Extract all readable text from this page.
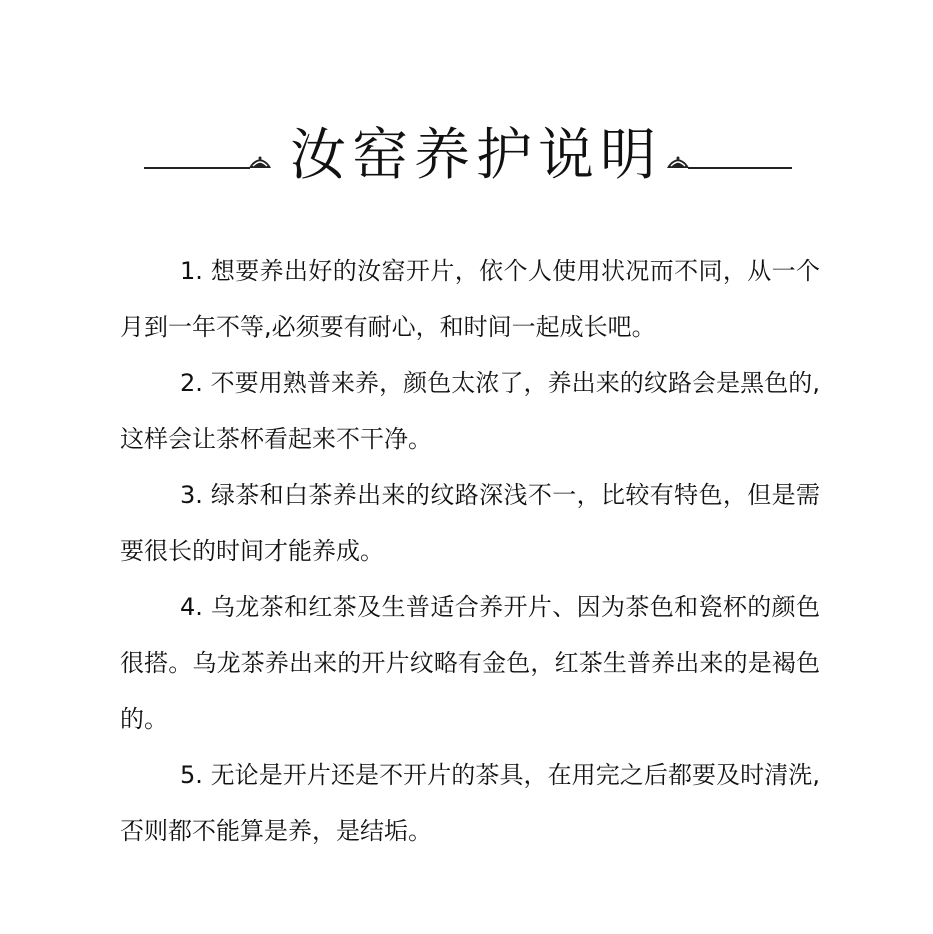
汝窑养护说明

1. 想要养出好的汝窑开片，依个人使用状况而不同，从一个月到一年不等,必须要有耐心，和时间一起成长吧。

2. 不要用熟普来养，颜色太浓了，养出来的纹路会是黑色的,这样会让茶杯看起来不干净。

3. 绿茶和白茶养出来的纹路深浅不一，比较有特色，但是需要很长的时间才能养成。

4. 乌龙茶和红茶及生普适合养开片、因为茶色和瓷杯的颜色很搭。乌龙茶养出来的开片纹略有金色，红茶生普养出来的是褐色的。

5. 无论是开片还是不开片的茶具，在用完之后都要及时清洗,否则都不能算是养，是结垢。
